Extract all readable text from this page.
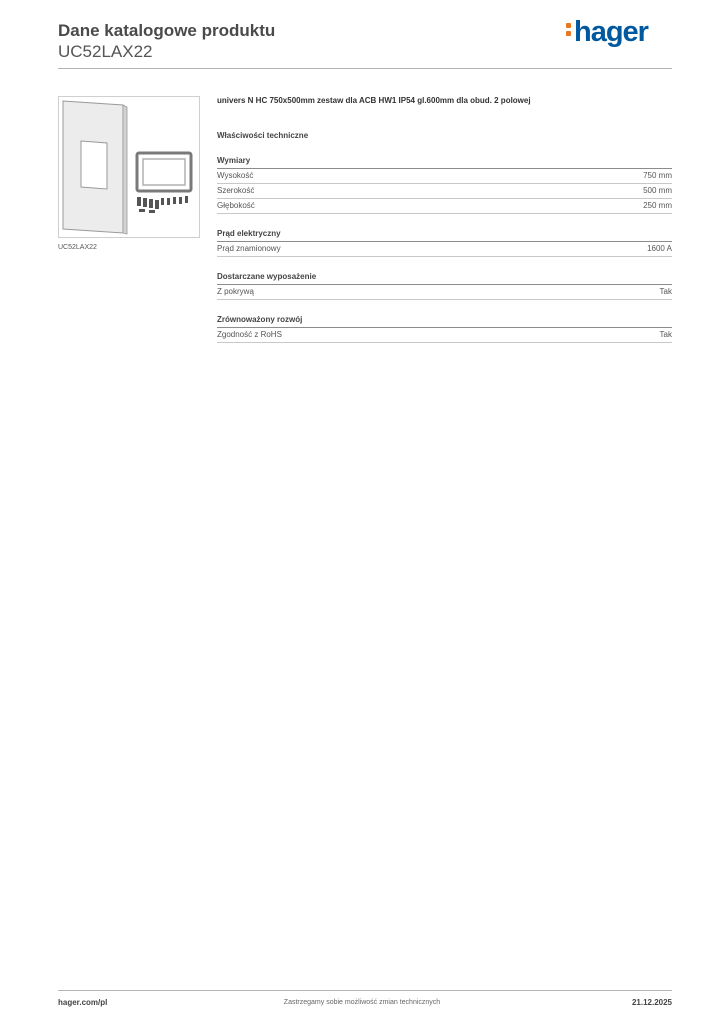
Dane katalogowe produktu
UC52LAX22
hager
UC52LAX22
univers N HC 750x500mm zestaw dla ACB HW1 IP54 gl.600mm dla obud. 2 polowej
Właściwości techniczne
Wymiary
Wysokość	750 mm
Szerokość	500 mm
Głębokość	250 mm
Prąd elektryczny
Prąd znamionowy	1600 A
Dostarczane wyposażenie
Z pokrywą	Tak
Zrównoważony rozwój
Zgodność z RoHS	Tak
Zastrzegamy sobie możliwość zmian technicznych
hager.com/pl	21.12.2025
